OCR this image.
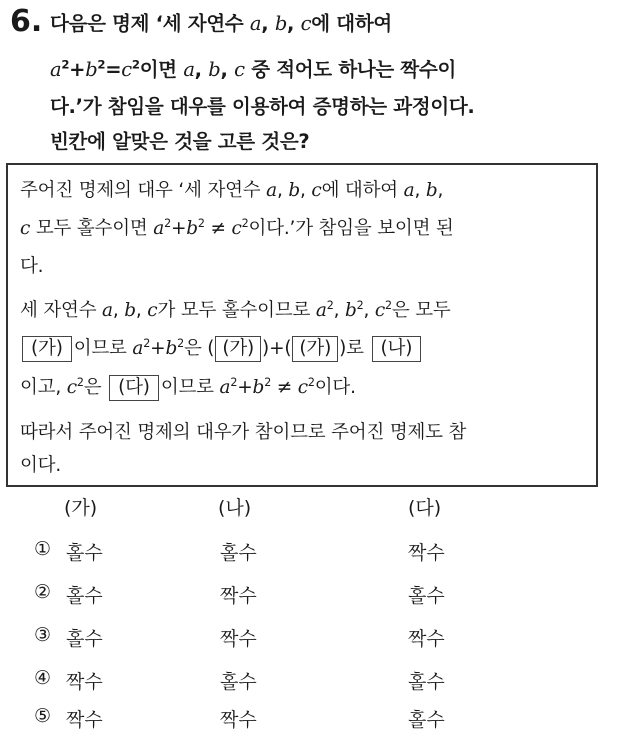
6. 다음은 명제 ‘세 자연수 a, b, c에 대하여
$a^2+b^2=c^2$이면 a, b, c 중 적어도 하나는 짝수이
다.’가 참임을 대우를 이용하여 증명하는 과정이다.
빈칸에 알맞은 것을 고른 것은?
주어진 명제의 대우 ‘세 자연수 a, b, c에 대하여 a, b,
c 모두 홀수이면 $a^2+b^2 \ne c^2$이다.’가 참임을 보이면 된
다.
세 자연수 a, b, c가 모두 홀수이므로 $a^2$, $b^2$, $c^2$은 모두
(가) 이므로 $a^2+b^2$은 ( (가) )+( (가) )로 (나)
이고, $c^2$은 (다) 이므로 $a^2+b^2 \ne c^2$이다.
따라서 주어진 명제의 대우가 참이므로 주어진 명제도 참
이다.
(가)	(나)	(다)
① 홀수	홀수	짝수
② 홀수	짝수	홀수
③ 홀수	짝수	짝수
④ 짝수	홀수	홀수
⑤ 짝수	짝수	홀수
